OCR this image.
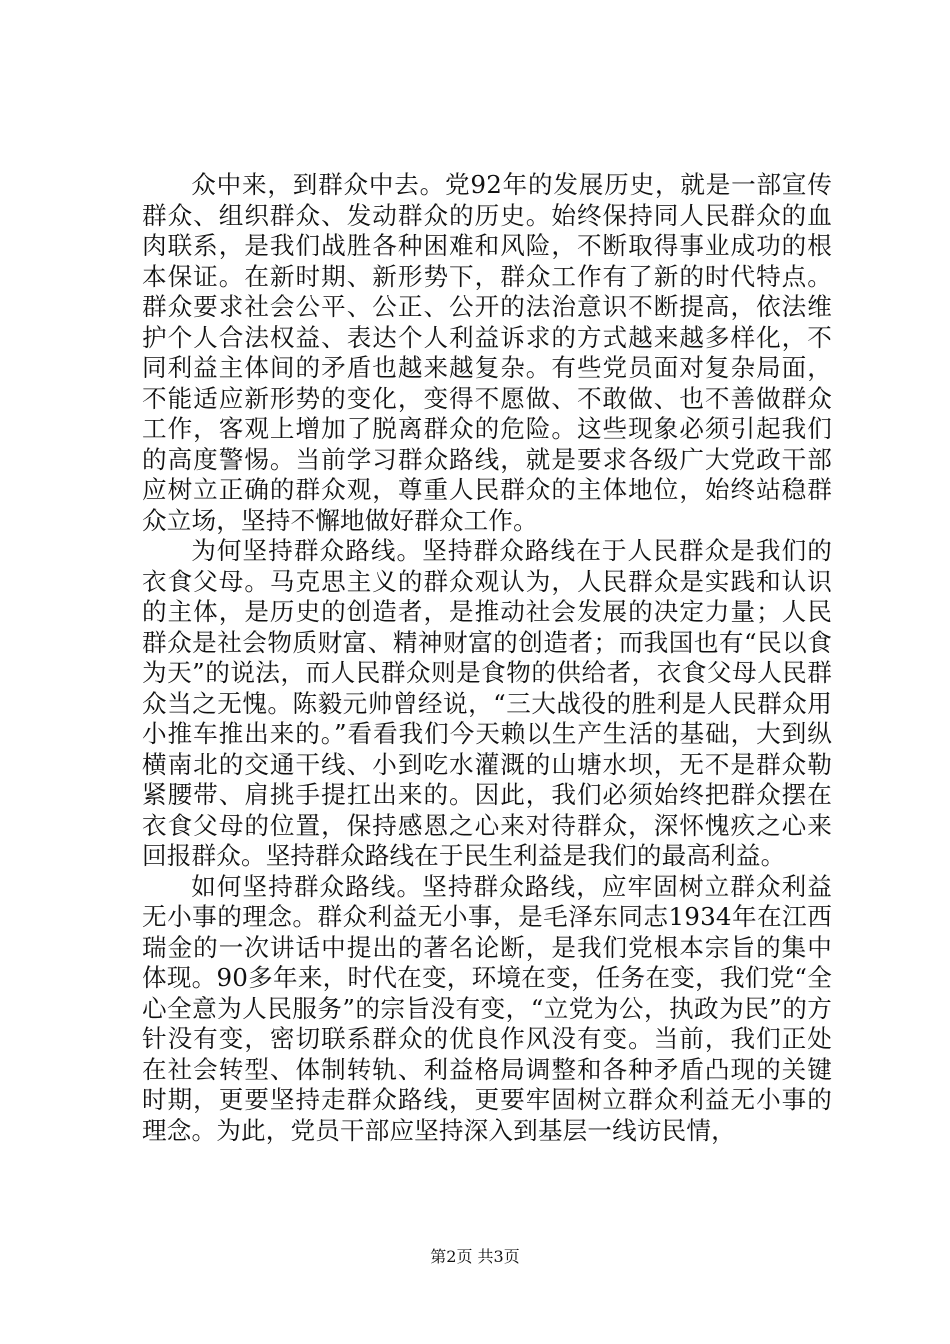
众中来，到群众中去。党92年的发展历史，就是一部宣传群众、组织群众、发动群众的历史。始终保持同人民群众的血肉联系，是我们战胜各种困难和风险，不断取得事业成功的根本保证。在新时期、新形势下，群众工作有了新的时代特点。群众要求社会公平、公正、公开的法治意识不断提高，依法维护个人合法权益、表达个人利益诉求的方式越来越多样化，不同利益主体间的矛盾也越来越复杂。有些党员面对复杂局面，不能适应新形势的变化，变得不愿做、不敢做、也不善做群众工作，客观上增加了脱离群众的危险。这些现象必须引起我们的高度警惕。当前学习群众路线，就是要求各级广大党政干部应树立正确的群众观，尊重人民群众的主体地位，始终站稳群众立场，坚持不懈地做好群众工作。

为何坚持群众路线。坚持群众路线在于人民群众是我们的衣食父母。马克思主义的群众观认为，人民群众是实践和认识的主体，是历史的创造者，是推动社会发展的决定力量；人民群众是社会物质财富、精神财富的创造者；而我国也有“民以食为天”的说法，而人民群众则是食物的供给者，衣食父母人民群众当之无愧。陈毅元帅曾经说，“三大战役的胜利是人民群众用小推车推出来的。”看看我们今天赖以生产生活的基础，大到纵横南北的交通干线、小到吃水灌溉的山塘水坝，无不是群众勒紧腰带、肩挑手提扛出来的。因此，我们必须始终把群众摆在衣食父母的位置，保持感恩之心来对待群众，深怀愧疚之心来回报群众。坚持群众路线在于民生利益是我们的最高利益。

如何坚持群众路线。坚持群众路线，应牢固树立群众利益无小事的理念。群众利益无小事，是毛泽东同志1934年在江西瑞金的一次讲话中提出的著名论断，是我们党根本宗旨的集中体现。90多年来，时代在变，环境在变，任务在变，我们党“全心全意为人民服务”的宗旨没有变，“立党为公，执政为民”的方针没有变，密切联系群众的优良作风没有变。当前，我们正处在社会转型、体制转轨、利益格局调整和各种矛盾凸现的关键时期，更要坚持走群众路线，更要牢固树立群众利益无小事的理念。为此，党员干部应坚持深入到基层一线访民情，

第2页 共3页
